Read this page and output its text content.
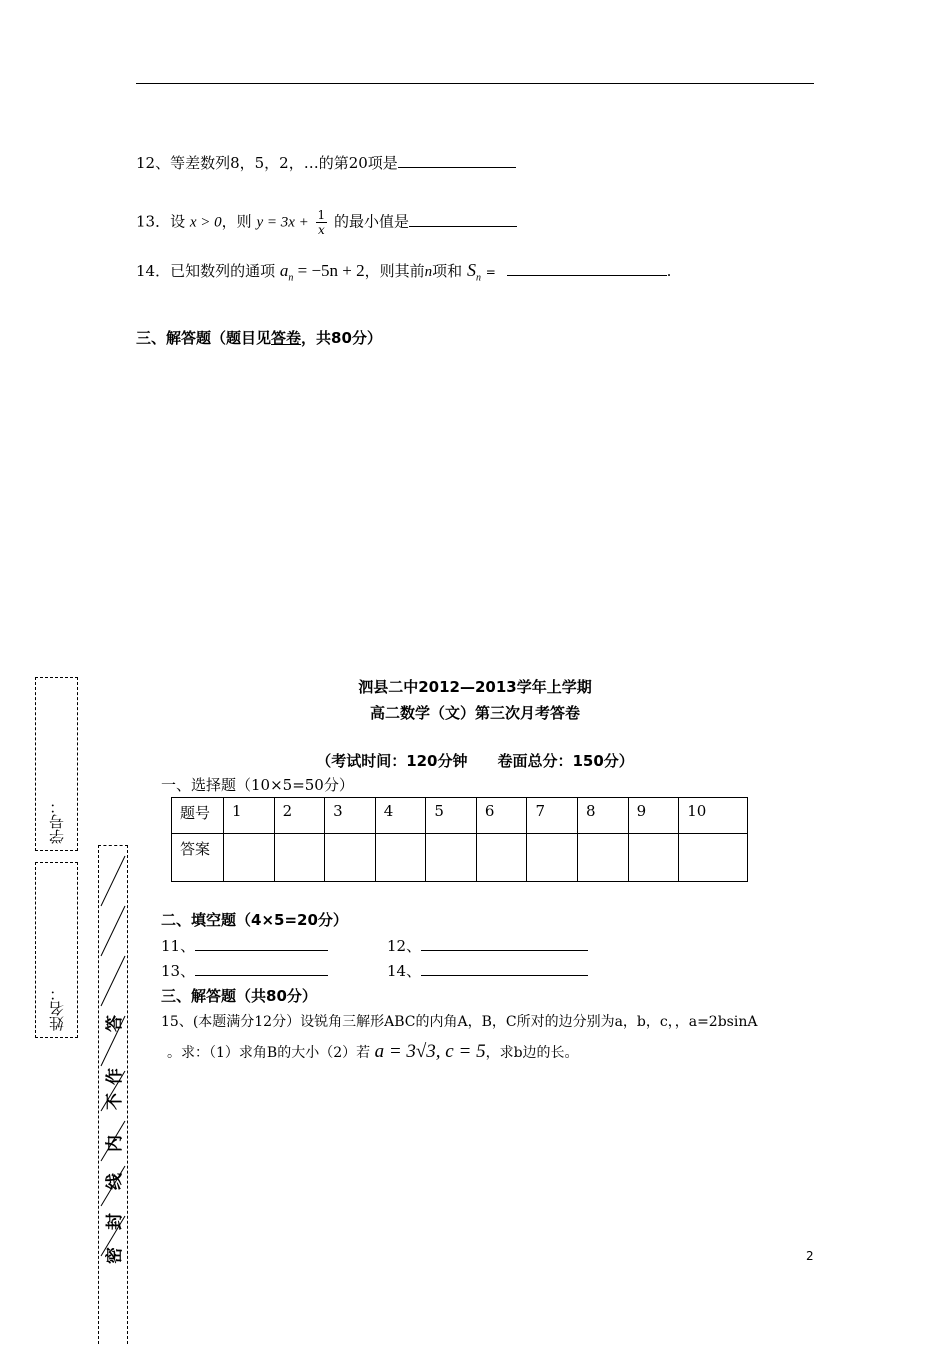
12、等差数列8，5，2，…的第20项是
13．设 x > 0，则 $y = 3x + \frac{1}{x}$ 的最小值是
14．已知数列的通项 $a_n = -5n + 2$，则其前n项和 $S_n$ =	.
三、解答题（题目见答卷，共80分）
学号：
姓名： 答
作
不
内
线
封
密
泗县二中2012—2013学年上学期
高二数学（文）第三次月考答卷
（考试时间：120分钟　　卷面总分：150分）
一、选择题（10×5=50分）
题号	1	2	3	4	5	6	7	8	9	10
答案										
二、填空题（4×5=20分）
11、	12、
13、	14、
三、解答题（共80分）
15、(本题满分12分）设锐角三解形ABC的内角A，B，C所对的边分别为a，b，c，，a=2bsinA
。求：（1）求角B的大小（2）若 a = 3√3, c = 5，求b边的长。
2
